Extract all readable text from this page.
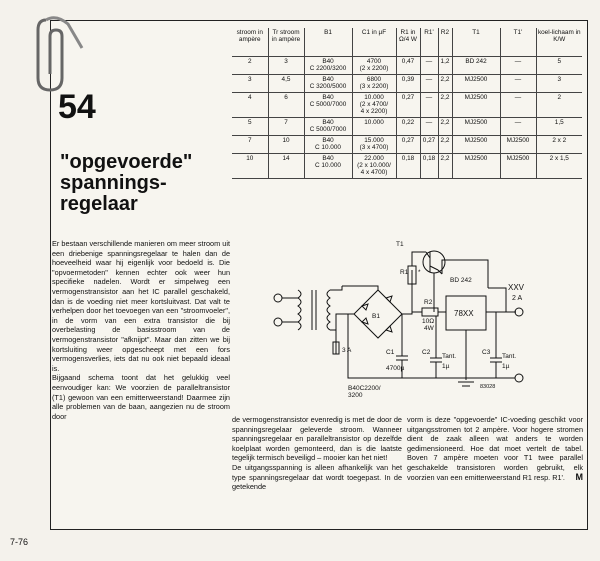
54
"opgevoerde"
spannings-
regelaar
stroom in ampère	Tr stroom in ampère	B1	C1 in µF	R1 in Ω/4 W	R1'	R2	T1	T1'	koel-lichaam in K/W
2	3	B40
C 2200/3200	4700
(2 x 2200)	0,47	—	1,2	BD 242	—	5
3	4,5	B40
C 3200/5000	6800
(3 x 2200)	0,39	—	2,2	MJ2500	—	3
4	6	B40
C 5000/7000	10.000
(2 x 4700/
4 x 2200)	0,27	—	2,2	MJ2500	—	2
5	7	B40
C 5000/7000	10.000	0,22	—	2,2	MJ2500	—	1,5
7	10	B40
C 10.000	15.000
(3 x 4700)	0,27	0,27	2,2	MJ2500	MJ2500	2 x 2
10	14	B40
C 10.000	22.000
(2 x 10.000/
4 x 4700)	0,18	0,18	2,2	MJ2500	MJ2500	2 x 1,5
T1
BD 242
R1 *
R2
10Ω
4W
78XX
XXV
2 A
3 A
B1
B40C2200/ 3200
C1
4700µ
C2
Tant.
1µ
C3
Tant.
1µ
83028

Er bestaan verschillende manieren om meer stroom uit een driebenige spanningsregelaar te halen dan de hoeveelheid waar hij eigenlijk voor bedoeld is. Die "opvoermetoden" kennen echter ook weer hun specifieke nadelen. Wordt er simpelweg een vermogenstransistor aan het IC parallel geschakeld, dan is de voeding niet meer kortsluitvast. Dat valt te verhelpen door het toevoegen van een "stroomvoeler", in de vorm van een extra transistor die bij overbelasting de basisstroom van de vermogenstransistor "afknijpt". Maar dan zitten we bij kortsluiting weer opgescheept met een fors vermogensverlies, iets dat nu ook niet bepaald ideaal is.

Bijgaand schema toont dat het gelukkig veel eenvoudiger kan: We voorzien de paralleltransistor (T1) gewoon van een emitterweerstand! Daarmee zijn alle problemen van de baan, aangezien nu de stroom door	de vermogenstransistor evenredig is met de door de spanningsregelaar geleverde stroom. Wanneer spanningsregelaar en paralleltransistor op dezelfde koelplaat worden gemonteerd, dan is die laatste tegelijk termisch beveiligd – mooier kan het niet!

De uitgangsspanning is alleen afhankelijk van het type spanningsregelaar dat wordt toegepast. In de getekende

vorm is deze "opgevoerde" IC-voeding geschikt voor uitgangsstromen tot 2 ampère. Voor hogere stromen dient de zaak alleen wat anders te worden gedimensioneerd. Hoe dat moet vertelt de tabel. Boven 7 ampère moeten voor T1 twee parallel geschakelde transistoren worden gebruikt, elk voorzien van een emitterweerstand R1 resp. R1'. M

7-76
